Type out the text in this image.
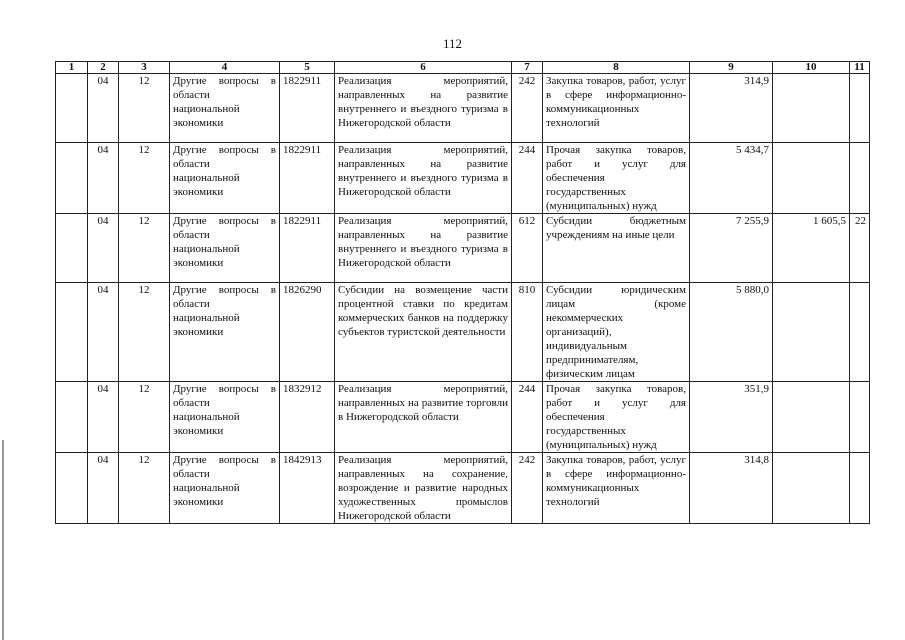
112
1	2	3	4	5	6	7	8	9	10	11
	04	12	Другие вопросы в области национальной экономики	1822911	Реализация мероприятий, направленных на развитие внутреннего и въездного туризма в Нижегородской области	242	Закупка товаров, работ, услуг в сфере информационно-коммуникационных технологий	314,9		
	04	12	Другие вопросы в области национальной экономики	1822911	Реализация мероприятий, направленных на развитие внутреннего и въездного туризма в Нижегородской области	244	Прочая закупка товаров, работ и услуг для обеспечения государственных (муниципальных) нужд	5 434,7		
	04	12	Другие вопросы в области национальной экономики	1822911	Реализация мероприятий, направленных на развитие внутреннего и въездного туризма в Нижегородской области	612	Субсидии бюджетным учреждениям на иные цели	7 255,9	1 605,5	22
	04	12	Другие вопросы в области национальной экономики	1826290	Субсидии на возмещение части процентной ставки по кредитам коммерческих банков на поддержку субъектов туристской деятельности	810	Субсидии юридическим лицам (кроме некоммерческих организаций), индивидуальным предпринимателям, физическим лицам	5 880,0		
	04	12	Другие вопросы в области национальной экономики	1832912	Реализация мероприятий, направленных на развитие торговли в Нижегородской области	244	Прочая закупка товаров, работ и услуг для обеспечения государственных (муниципальных) нужд	351,9		
	04	12	Другие вопросы в области национальной экономики	1842913	Реализация мероприятий, направленных на сохранение, возрождение и развитие народных художественных промыслов Нижегородской области	242	Закупка товаров, работ, услуг в сфере информационно-коммуникационных технологий	314,8		
